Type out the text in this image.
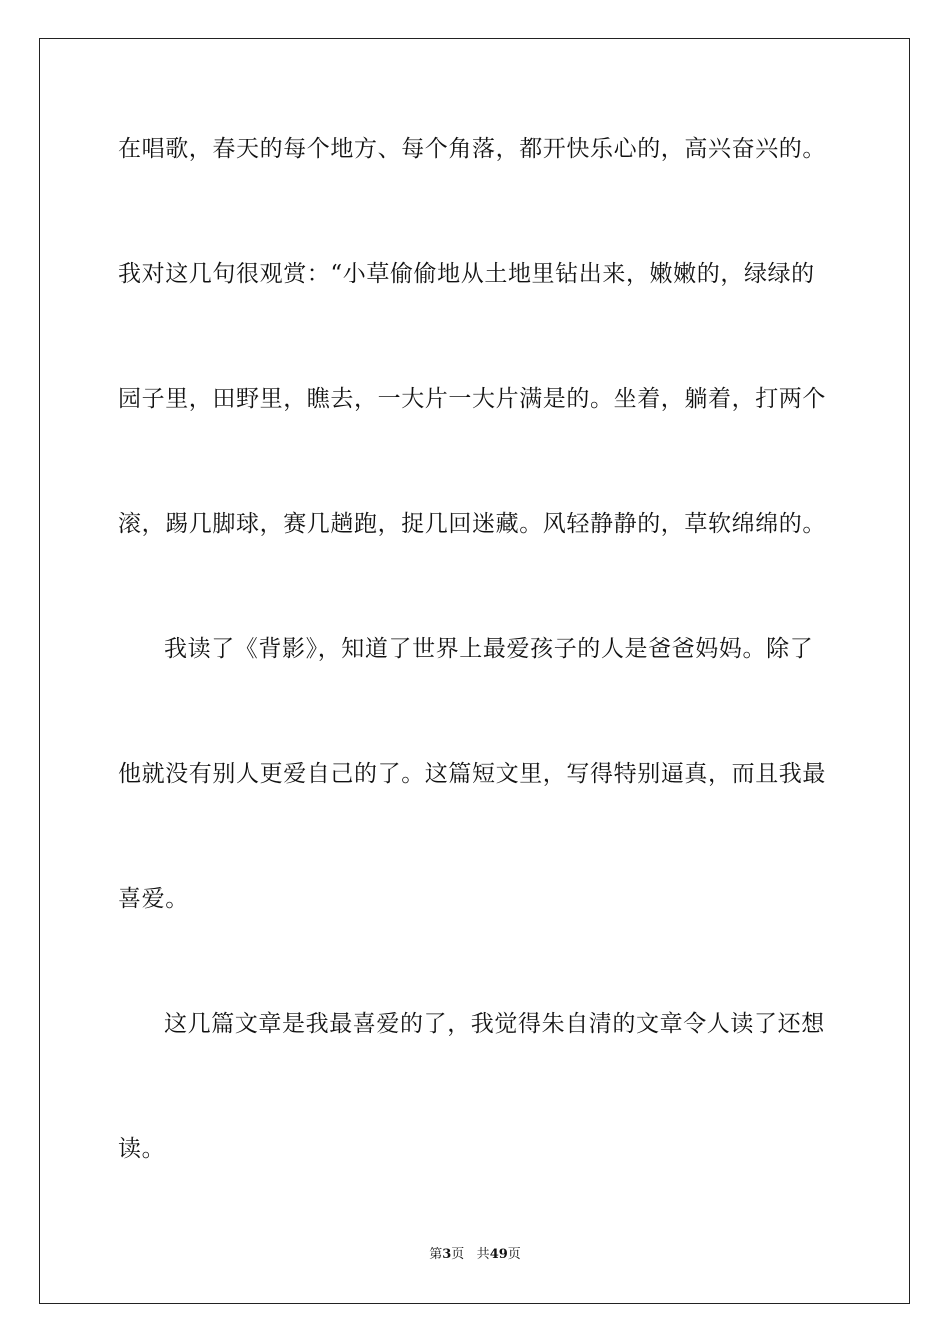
在唱歌，春天的每个地方、每个角落，都开快乐心的，高兴奋兴的。
我对这几句很观赏：“小草偷偷地从土地里钻出来，嫩嫩的，绿绿的
园子里，田野里，瞧去，一大片一大片满是的。坐着，躺着，打两个
滚，踢几脚球，赛几趟跑，捉几回迷藏。风轻静静的，草软绵绵的。
我读了《背影》，知道了世界上最爱孩子的人是爸爸妈妈。除了
他就没有别人更爱自己的了。这篇短文里，写得特别逼真，而且我最
喜爱。
这几篇文章是我最喜爱的了，我觉得朱自清的文章令人读了还想
读。
第3页 共49页
